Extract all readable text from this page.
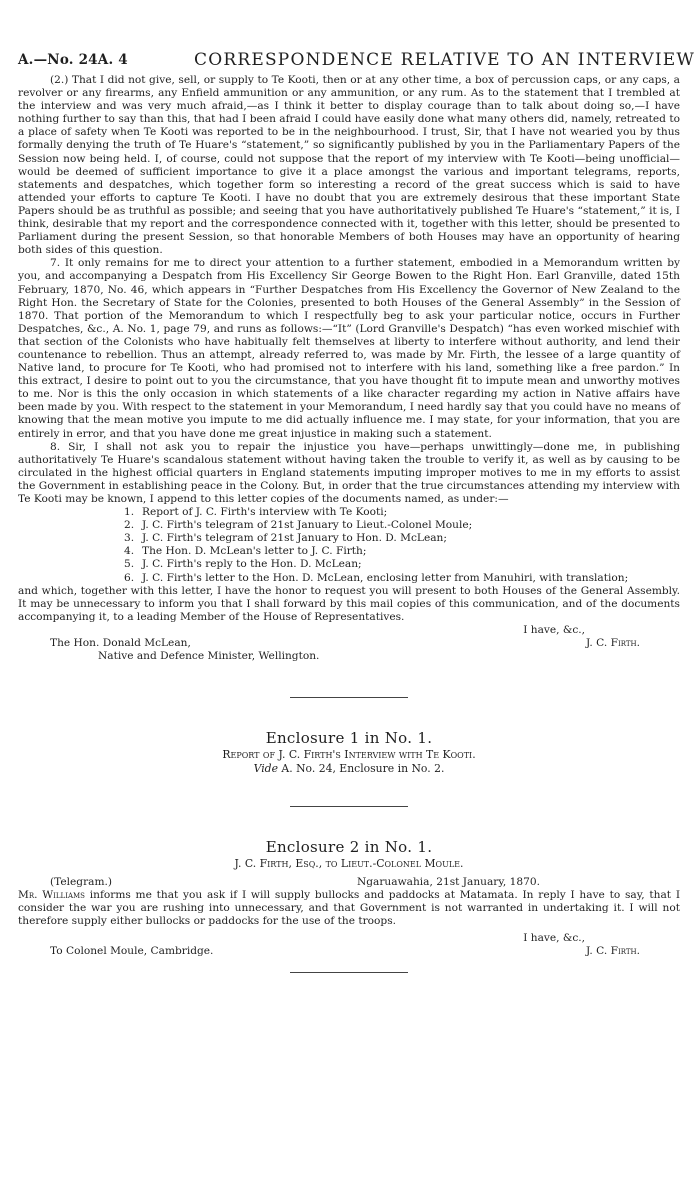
A.—No. 24A. 4	CORRESPONDENCE RELATIVE TO AN INTERVIEW

(2.) That I did not give, sell, or supply to Te Kooti, then or at any other time, a box of percussion caps, or any caps, a revolver or any firearms, any Enfield ammunition or any ammunition, or any rum. As to the statement that I trembled at the interview and was very much afraid,—as I think it better to display courage than to talk about doing so,—I have nothing further to say than this, that had I been afraid I could have easily done what many others did, namely, retreated to a place of safety when Te Kooti was reported to be in the neighbourhood. I trust, Sir, that I have not wearied you by thus formally denying the truth of Te Huare's “statement,” so significantly published by you in the Parliamentary Papers of the Session now being held. I, of course, could not suppose that the report of my interview with Te Kooti—being unofficial—would be deemed of sufficient importance to give it a place amongst the various and important telegrams, reports, statements and despatches, which together form so interesting a record of the great success which is said to have attended your efforts to capture Te Kooti. I have no doubt that you are extremely desirous that these important State Papers should be as truthful as possible; and seeing that you have authoritatively published Te Huare's “statement,” it is, I think, desirable that my report and the correspondence connected with it, together with this letter, should be presented to Parliament during the present Session, so that honorable Members of both Houses may have an opportunity of hearing both sides of this question.

7. It only remains for me to direct your attention to a further statement, embodied in a Memorandum written by you, and accompanying a Despatch from His Excellency Sir George Bowen to the Right Hon. Earl Granville, dated 15th February, 1870, No. 46, which appears in “Further Despatches from His Excellency the Governor of New Zealand to the Right Hon. the Secretary of State for the Colonies, presented to both Houses of the General Assembly” in the Session of 1870. That portion of the Memorandum to which I respectfully beg to ask your particular notice, occurs in Further Despatches, &c., A. No. 1, page 79, and runs as follows:—“It” (Lord Granville's Despatch) “has even worked mischief with that section of the Colonists who have habitually felt themselves at liberty to interfere without authority, and lend their countenance to rebellion. Thus an attempt, already referred to, was made by Mr. Firth, the lessee of a large quantity of Native land, to procure for Te Kooti, who had promised not to interfere with his land, something like a free pardon.” In this extract, I desire to point out to you the circumstance, that you have thought fit to impute mean and unworthy motives to me. Nor is this the only occasion in which statements of a like character regarding my action in Native affairs have been made by you. With respect to the statement in your Memorandum, I need hardly say that you could have no means of knowing that the mean motive you impute to me did actually influence me. I may state, for your information, that you are entirely in error, and that you have done me great injustice in making such a statement.

8. Sir, I shall not ask you to repair the injustice you have—perhaps unwittingly—done me, in publishing authoritatively Te Huare's scandalous statement without having taken the trouble to verify it, as well as by causing to be circulated in the highest official quarters in England statements imputing improper motives to me in my efforts to assist the Government in establishing peace in the Colony. But, in order that the true circumstances attending my interview with Te Kooti may be known, I append to this letter copies of the documents named, as under:—

1. Report of J. C. Firth's interview with Te Kooti;
2. J. C. Firth's telegram of 21st January to Lieut.-Colonel Moule;
3. J. C. Firth's telegram of 21st January to Hon. D. McLean;
4. The Hon. D. McLean's letter to J. C. Firth;
5. J. C. Firth's reply to the Hon. D. McLean;
6. J. C. Firth's letter to the Hon. D. McLean, enclosing letter from Manuhiri, with translation;

and which, together with this letter, I have the honor to request you will present to both Houses of the General Assembly. It may be unnecessary to inform you that I shall forward by this mail copies of this communication, and of the documents accompanying it, to a leading Member of the House of Representatives.

I have, &c.,
The Hon. Donald McLean,	J. C. Firth.
Native and Defence Minister, Wellington.
Enclosure 1 in No. 1.
Report of J. C. Firth's Interview with Te Kooti.
Vide A. No. 24, Enclosure in No. 2.
Enclosure 2 in No. 1.
J. C. Firth, Esq., to Lieut.-Colonel Moule.
(Telegram.)	Ngaruawahia, 21st January, 1870.

Mr. Williams informs me that you ask if I will supply bullocks and paddocks at Matamata. In reply I have to say, that I consider the war you are rushing into unnecessary, and that Government is not warranted in undertaking it. I will not therefore supply either bullocks or paddocks for the use of the troops.

I have, &c.,
To Colonel Moule, Cambridge.	J. C. Firth.
